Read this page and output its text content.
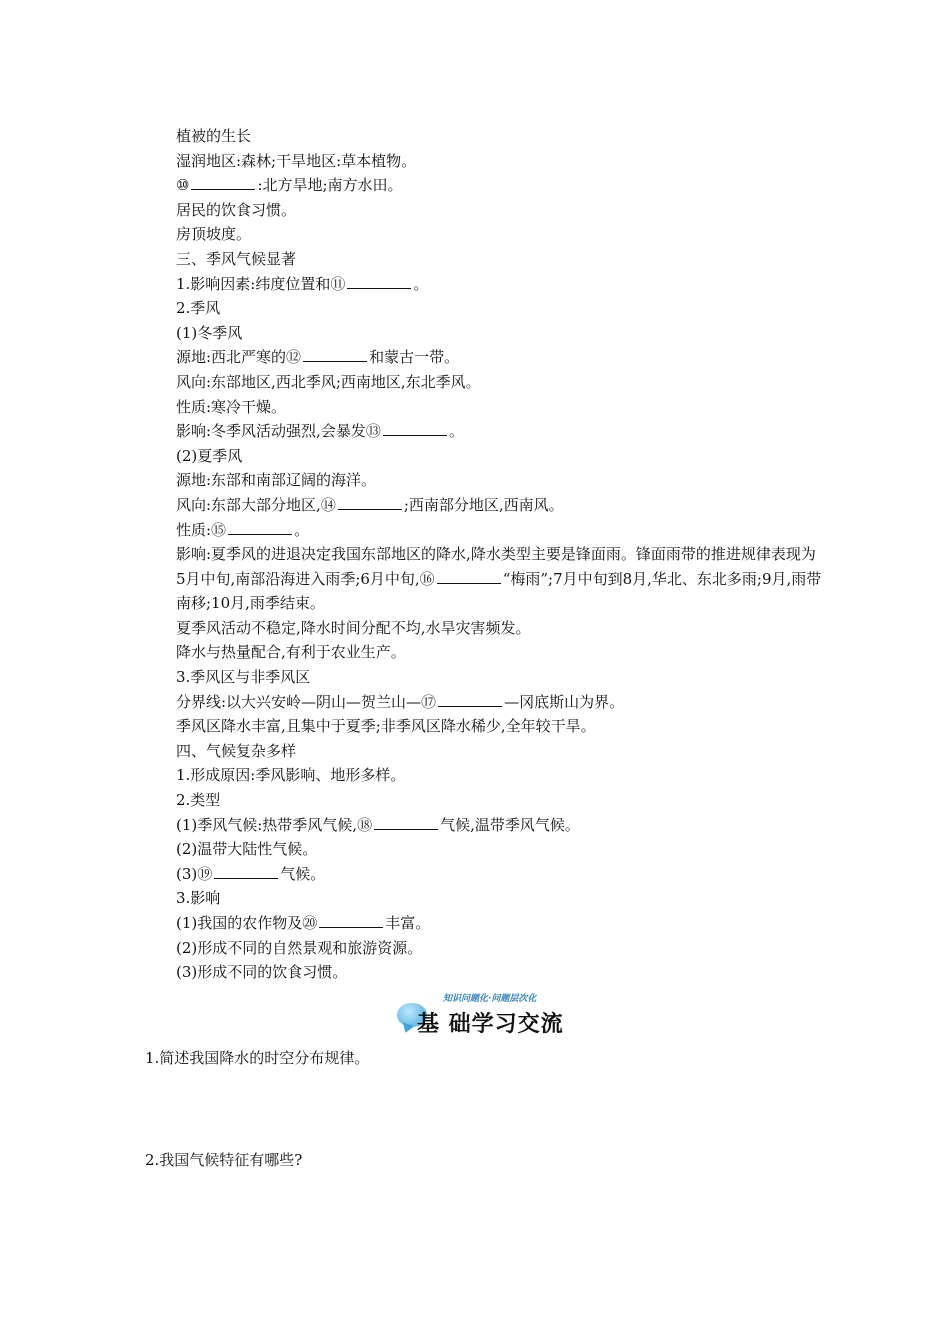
植被的生长
湿润地区:森林;干旱地区:草本植物。
⑩	:北方旱地;南方水田。
居民的饮食习惯。
房顶坡度。
三、季风气候显著
1.影响因素:纬度位置和⑪	。
2.季风
(1)冬季风
源地:西北严寒的⑫	和蒙古一带。
风向:东部地区,西北季风;西南地区,东北季风。
性质:寒冷干燥。
影响:冬季风活动强烈,会暴发⑬	。
(2)夏季风
源地:东部和南部辽阔的海洋。
风向:东部大部分地区,⑭	;西南部分地区,西南风。
性质:⑮	。
影响:夏季风的进退决定我国东部地区的降水,降水类型主要是锋面雨。锋面雨带的推进规律表现为5月中旬,南部沿海进入雨季;6月中旬,⑯	“梅雨”;7月中旬到8月,华北、东北多雨;9月,雨带南移;10月,雨季结束。
夏季风活动不稳定,降水时间分配不均,水旱灾害频发。
降水与热量配合,有利于农业生产。
3.季风区与非季风区
分界线:以大兴安岭—阴山—贺兰山—⑰	—冈底斯山为界。
季风区降水丰富,且集中于夏季;非季风区降水稀少,全年较干旱。
四、气候复杂多样
1.形成原因:季风影响、地形多样。
2.类型
(1)季风气候:热带季风气候,⑱	气候,温带季风气候。
(2)温带大陆性气候。
(3)⑲	气候。
3.影响
(1)我国的农作物及⑳	丰富。
(2)形成不同的自然景观和旅游资源。
(3)形成不同的饮食习惯。
知识问题化·问题层次化
基 础学习交流
1.简述我国降水的时空分布规律。
2.我国气候特征有哪些?
